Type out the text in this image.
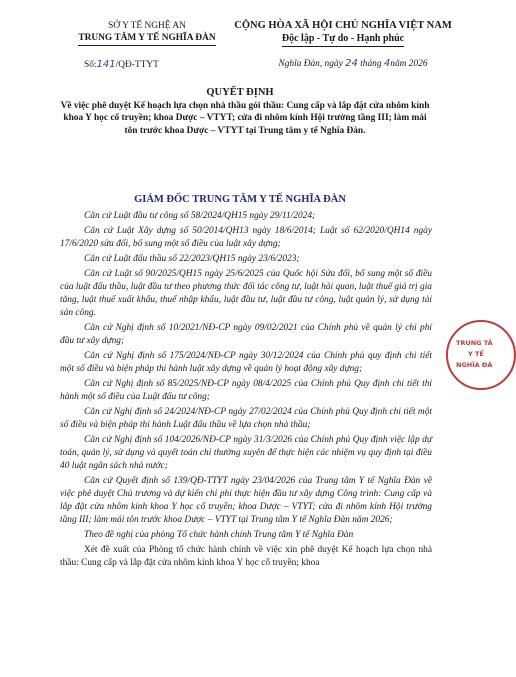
SỞ Y TẾ NGHỆ AN
TRUNG TÂM Y TẾ NGHĨA ĐÀN
CỘNG HÒA XÃ HỘI CHỦ NGHĨA VIỆT NAM
Độc lập - Tự do - Hạnh phúc
Số:141/QĐ-TTYT	Nghĩa Đàn, ngày 24 tháng 4năm 2026
QUYẾT ĐỊNH
Về việc phê duyệt Kế hoạch lựa chọn nhà thầu gói thầu: Cung cấp và lắp đặt cửa nhôm kính khoa Y học cổ truyền; khoa Dược – VTYT; cửa đi nhôm kính Hội trường tầng III; làm mái tôn trước khoa Dược – VTYT tại Trung tâm y tế Nghĩa Đàn.
GIÁM ĐỐC TRUNG TÂM Y TẾ NGHĨA ĐÀN

Căn cứ Luật đầu tư công số 58/2024/QH15 ngày 29/11/2024;

Căn cứ Luật Xây dựng số 50/2014/QH13 ngày 18/6/2014; Luật số 62/2020/QH14 ngày 17/6/2020 sửa đổi, bổ sung một số điều của luật xây dựng;

Căn cứ Luật đấu thầu số 22/2023/QH15 ngày 23/6/2023;

Căn cứ Luật số 90/2025/QH15 ngày 25/6/2025 của Quốc hội Sửa đổi, bổ sung một số điều của luật đấu thầu, luật đầu tư theo phương thức đối tác công tư, luật hải quan, luật thuế giá trị gia tăng, luật thuế xuất khẩu, thuế nhập khẩu, luật đầu tư, luật đầu tư công, luật quản lý, sử dụng tài sản công.

Căn cứ Nghị định số 10/2021/NĐ-CP ngày 09/02/2021 của Chính phủ về quản lý chi phí đầu tư xây dựng;

Căn cứ Nghị định số 175/2024/NĐ-CP ngày 30/12/2024 của Chính phủ quy định chi tiết một số điều và biện pháp thi hành luật xây dựng về quản lý hoạt động xây dựng;

Căn cứ Nghị định số 85/2025/NĐ-CP ngày 08/4/2025 của Chính phủ Quy định chi tiết thi hành một số điều của Luật đấu tư công;

Căn cứ Nghị định số 24/2024/NĐ-CP ngày 27/02/2024 của Chính phủ Quy định chi tiết một số điều và biện pháp thi hành Luật đấu thầu về lựa chọn nhà thầu;

Căn cứ Nghị định số 104/2026/NĐ-CP ngày 31/3/2026 của Chính phủ Quy định việc lập dự toán, quản lý, sử dụng và quyết toán chi thường xuyên để thực hiện các nhiệm vụ quy định tại điều 40 luật ngân sách nhà nước;

Căn cứ Quyết định số 139/QĐ-TTYT ngày 23/04/2026 của Trung tâm Y tế Nghĩa Đàn về việc phê duyệt Chủ trương và dự kiến chi phí thực hiện đầu tư xây dựng Công trình: Cung cấp và lắp đặt cửa nhôm kính khoa Y học cổ truyền; khoa Dược – VTYT; cửa đi nhôm kính Hội trường tầng III; làm mái tôn trước khoa Dược – VTYT tại Trung tâm Y tế Nghĩa Đàn năm 2026;

Theo đề nghị của phòng Tổ chức hành chính Trung tâm Y tế Nghĩa Đàn

Xét đề xuất của Phòng tổ chức hành chính về việc xin phê duyệt Kế hoạch lựa chọn nhà thầu: Cung cấp và lắp đặt cửa nhôm kính khoa Y học cổ truyền; khoa

TRUNG TÂ
Y TẾ
NGHĨA ĐÀ
